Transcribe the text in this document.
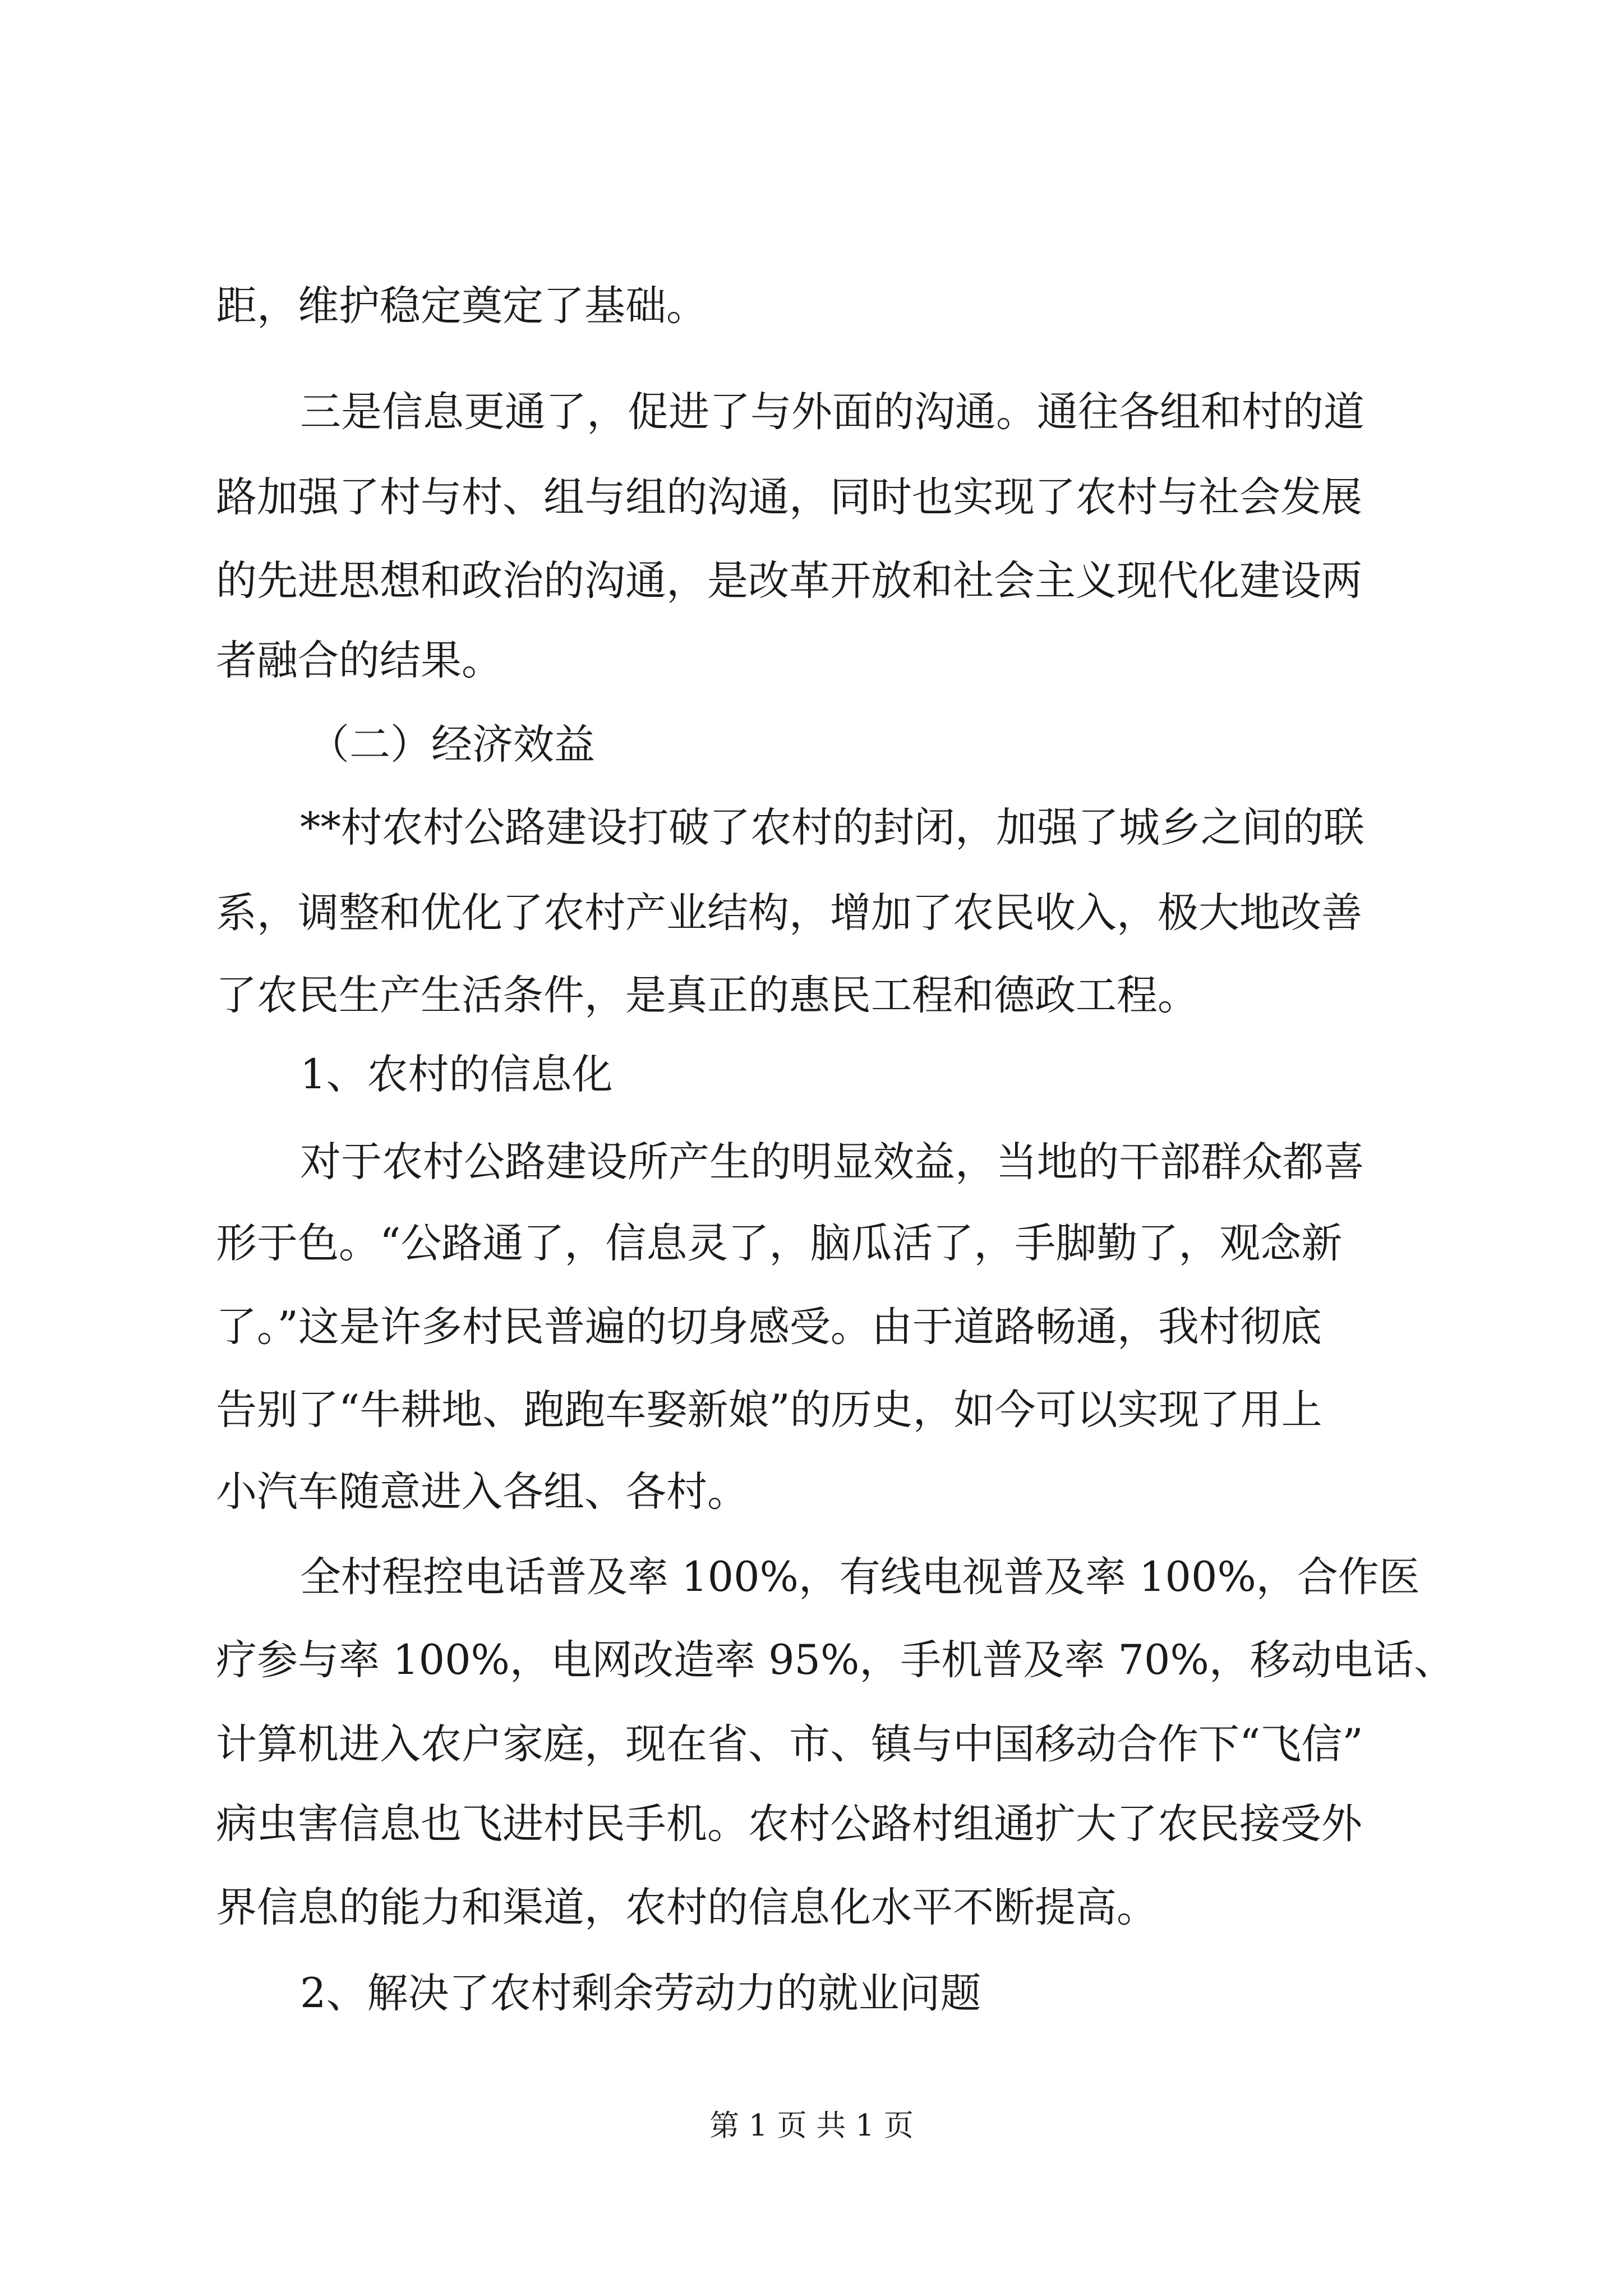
距，维护稳定奠定了基础。
三是信息更通了，促进了与外面的沟通。通往各组和村的道
路加强了村与村、组与组的沟通，同时也实现了农村与社会发展
的先进思想和政治的沟通，是改革开放和社会主义现代化建设两
者融合的结果。
（二）经济效益
**村农村公路建设打破了农村的封闭，加强了城乡之间的联
系，调整和优化了农村产业结构，增加了农民收入，极大地改善
了农民生产生活条件，是真正的惠民工程和德政工程。
1、农村的信息化
对于农村公路建设所产生的明显效益，当地的干部群众都喜
形于色。“公路通了，信息灵了，脑瓜活了，手脚勤了，观念新
了。”这是许多村民普遍的切身感受。由于道路畅通，我村彻底
告别了“牛耕地、跑跑车娶新娘”的历史，如今可以实现了用上
小汽车随意进入各组、各村。
全村程控电话普及率 100%，有线电视普及率 100%，合作医
疗参与率 100%，电网改造率 95%，手机普及率 70%，移动电话、
计算机进入农户家庭，现在省、市、镇与中国移动合作下“飞信”
病虫害信息也飞进村民手机。农村公路村组通扩大了农民接受外
界信息的能力和渠道，农村的信息化水平不断提高。
2、解决了农村剩余劳动力的就业问题
第 1 页 共 1 页
